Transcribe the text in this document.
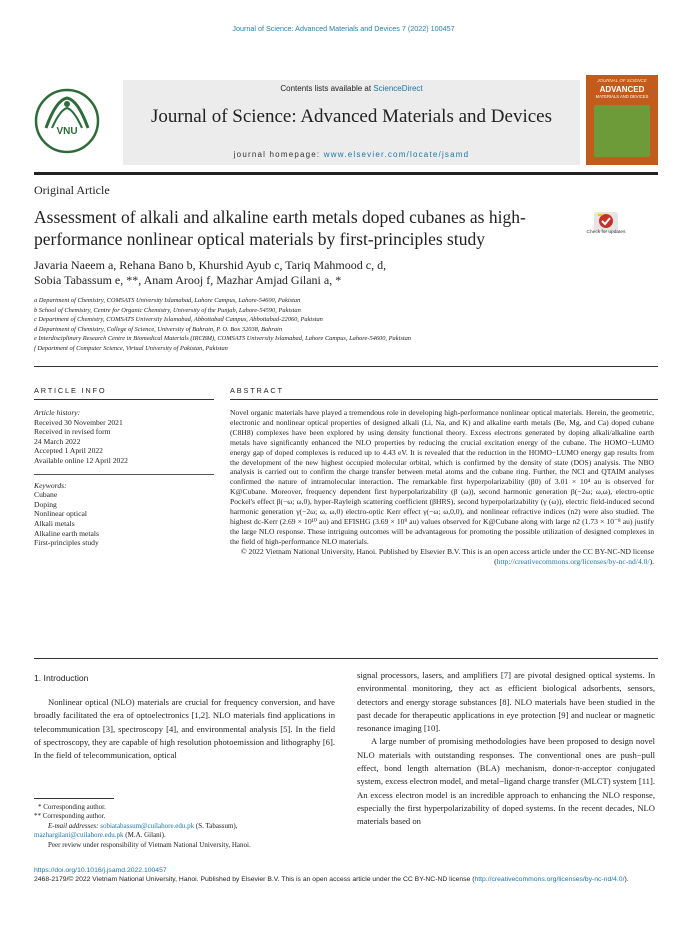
Journal of Science: Advanced Materials and Devices 7 (2022) 100457
VNU
Contents lists available at ScienceDirect
Journal of Science: Advanced Materials and Devices
journal homepage: www.elsevier.com/locate/jsamd
JOURNAL OF SCIENCE
ADVANCED
MATERIALS AND DEVICES
Original Article
Assessment of alkali and alkaline earth metals doped cubanes as high-performance nonlinear optical materials by first-principles study	Check for updates
Javaria Naeem a, Rehana Bano b, Khurshid Ayub c, Tariq Mahmood c, d,
Sobia Tabassum e, **, Anam Arooj f, Mazhar Amjad Gilani a, *
a Department of Chemistry, COMSATS University Islamabad, Lahore Campus, Lahore-54600, Pakistan
b School of Chemistry, Centre for Organic Chemistry, University of the Punjab, Lahore-54590, Pakistan
c Department of Chemistry, COMSATS University Islamabad, Abbottabad Campus, Abbottabad-22060, Pakistan
d Department of Chemistry, College of Science, University of Bahrain, P. O. Box 32038, Bahrain
e Interdisciplinary Research Centre in Biomedical Materials (IRCBM), COMSATS University Islamabad, Lahore Campus, Lahore-54600, Pakistan
f Department of Computer Science, Virtual University of Pakistan, Pakistan
ARTICLE INFO
Article history:
Received 30 November 2021
Received in revised form
24 March 2022
Accepted 1 April 2022
Available online 12 April 2022
Keywords:
Cubane
Doping
Nonlinear optical
Alkali metals
Alkaline earth metals
First-principles study
ABSTRACT

Novel organic materials have played a tremendous role in developing high-performance nonlinear optical materials. Herein, the geometric, electronic and nonlinear optical properties of designed alkali (Li, Na, and K) and alkaline earth metals (Be, Mg, and Ca) doped cubane (C8H8) complexes have been explored by using density functional theory. Excess electrons generated by doping alkali/alkaline earth metals have significantly enhanced the NLO properties by reducing the crucial excitation energy of the cubane. The HOMO−LUMO energy gap of doped complexes is reduced up to 4.43 eV. It is revealed that the reduction in the HOMO−LUMO energy gap results from the development of the new highest occupied molecular orbital, which is confirmed by the density of state (DOS) analysis. The NBO analysis is carried out to confirm the charge transfer between metal atoms and the cubane ring. Further, the NCI and QTAIM analyses confirmed the nature of intramolecular interaction. The remarkable first hyperpolarizability (β0) of 3.01 × 10⁴ au is observed for K@Cubane. Moreover, frequency dependent first hyperpolarizability (β (ω)), second harmonic generation β(−2ω; ω,ω), electro-optic Pockel's effect β(−ω; ω,0), hyper-Rayleigh scattering coefficient (βHRS), second hyperpolarizability (γ (ω)), electric field-induced second harmonic generation γ(−2ω; ω, ω,0) electro-optic Kerr effect γ(−ω; ω,0,0), and nonlinear refractive indices (n2) were also studied. The highest dc-Kerr (2.69 × 10¹⁰ au) and EFISHG (3.69 × 10⁹ au) values observed for K@Cubane along with large n2 (1.73 × 10⁻⁸ au) justify the large NLO response. These intriguing outcomes will be advantageous for promoting the possible utilization of designed complexes in the field of high-performance NLO materials.

© 2022 Vietnam National University, Hanoi. Published by Elsevier B.V. This is an open access article under the CC BY-NC-ND license (http://creativecommons.org/licenses/by-nc-nd/4.0/).

1. Introduction

Nonlinear optical (NLO) materials are crucial for frequency conversion, and have broadly facilitated the era of optoelectronics [1,2]. NLO materials find applications in telecommunication [3], spectroscopy [4], and environmental analysis [5]. In the field of spectroscopy, they are capable of high resolution photoemission and lithography [6]. In the field of telecommunication, optical

signal processors, lasers, and amplifiers [7] are pivotal designed optical systems. In environmental monitoring, they act as efficient biological adsorbents, sensors, detectors and energy storage substances [8]. NLO materials have been studied in the past decade for therapeutic applications in eye protection [9] and nuclear or magnetic resonance imaging [10].

A large number of promising methodologies have been proposed to design novel NLO materials with outstanding responses. The conventional ones are push−pull effect, bond length alternation (BLA) mechanism, donor-π-acceptor conjugated system, excess electron model, and metal−ligand charge transfer (MLCT) system [11]. An excess electron model is an incredible approach to enhancing the NLO response, especially the first hyperpolarizability of doped systems. In the recent decades, NLO materials based on

* Corresponding author.
** Corresponding author.
E-mail addresses: sobiatabassum@cuilahore.edu.pk (S. Tabassum),
mazhargilani@cuilahore.edu.pk (M.A. Gilani).
Peer review under responsibility of Vietnam National University, Hanoi.
https://doi.org/10.1016/j.jsamd.2022.100457
2468-2179/© 2022 Vietnam National University, Hanoi. Published by Elsevier B.V. This is an open access article under the CC BY-NC-ND license (http://creativecommons.org/licenses/by-nc-nd/4.0/).
